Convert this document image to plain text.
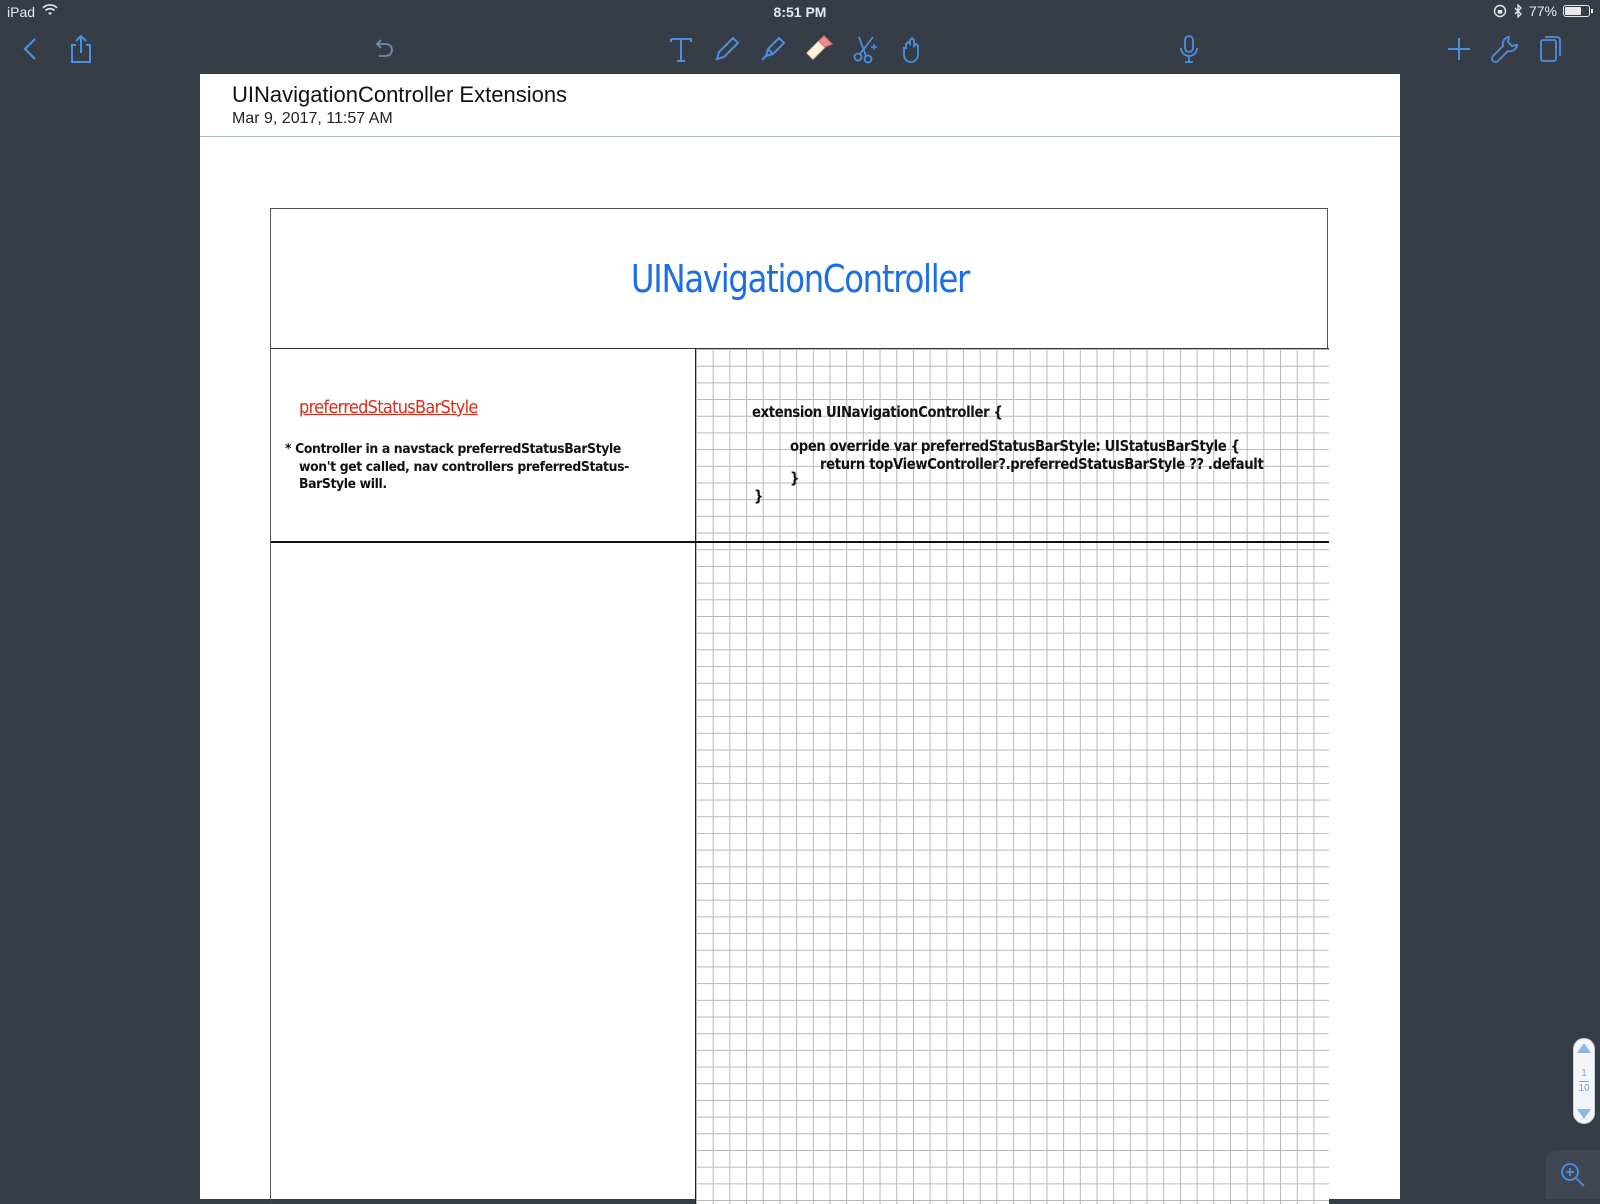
iPad	8:51 PM	77%
UINavigationController Extensions
Mar 9, 2017, 11:57 AM
UINavigationController
preferredStatusBarStyle
* Controller in a navstack preferredStatusBarStyle
won't get called, nav controllers preferredStatus-
BarStyle will.
extension UINavigationController {
open override var preferredStatusBarStyle: UIStatusBarStyle {
return topViewController?.preferredStatusBarStyle ?? .default
}
}
1
10
